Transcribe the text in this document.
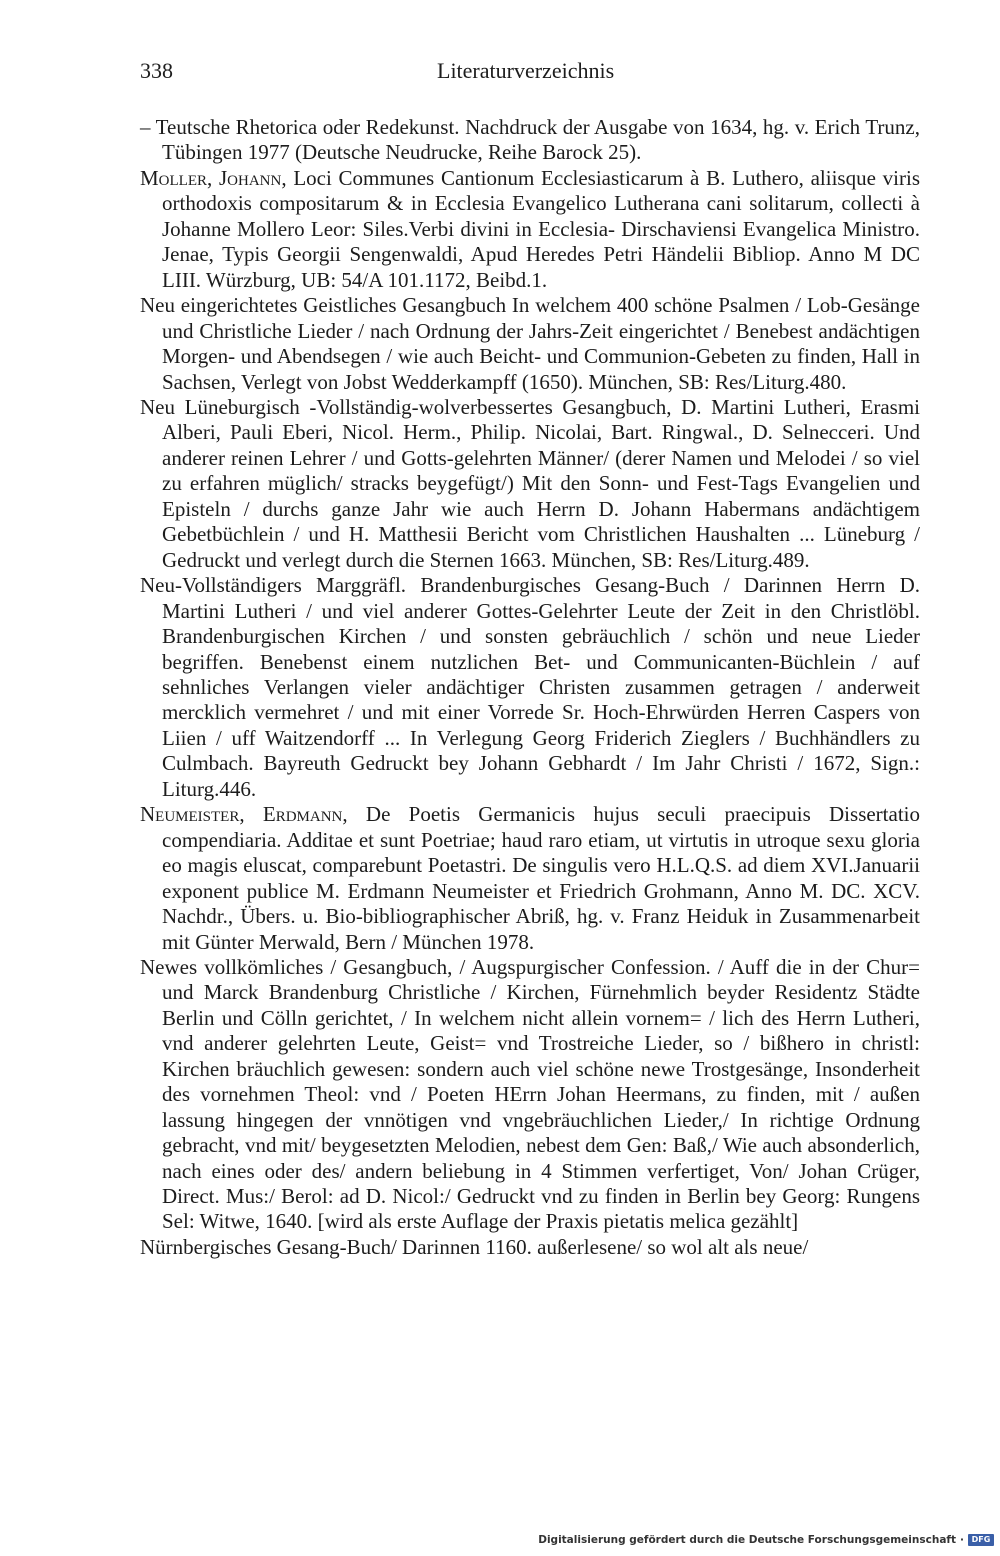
338	Literaturverzeichnis

– Teutsche Rhetorica oder Redekunst. Nachdruck der Ausgabe von 1634, hg. v. Erich Trunz, Tübingen 1977 (Deutsche Neudrucke, Reihe Barock 25).

Moller, Johann, Loci Communes Cantionum Ecclesiasticarum à B. Luthero, aliisque viris orthodoxis compositarum & in Ecclesia Evangelico Lutherana cani solitarum, collecti à Johanne Mollero Leor: Siles.Verbi divini in Ecclesia- Dirschaviensi Evangelica Ministro. Jenae, Typis Georgii Sengenwaldi, Apud Heredes Petri Händelii Bibliop. Anno M DC LIII. Würzburg, UB: 54/A 101.1172, Beibd.1.

Neu eingerichtetes Geistliches Gesangbuch In welchem 400 schöne Psalmen / Lob-Gesänge und Christliche Lieder / nach Ordnung der Jahrs-Zeit eingerichtet / Benebest andächtigen Morgen- und Abendsegen / wie auch Beicht- und Communion-Gebeten zu finden, Hall in Sachsen, Verlegt von Jobst Wedderkampff (1650). München, SB: Res/Liturg.480.

Neu Lüneburgisch -Vollständig-wolverbessertes Gesangbuch, D. Martini Lutheri, Erasmi Alberi, Pauli Eberi, Nicol. Herm., Philip. Nicolai, Bart. Ringwal., D. Selnecceri. Und anderer reinen Lehrer / und Gotts-gelehrten Männer/ (derer Namen und Melodei / so viel zu erfahren müglich/ stracks beygefügt/) Mit den Sonn- und Fest-Tags Evangelien und Episteln / durchs ganze Jahr wie auch Herrn D. Johann Habermans andächtigem Gebetbüchlein / und H. Matthesii Bericht vom Christlichen Haushalten ... Lüneburg / Gedruckt und verlegt durch die Sternen 1663. München, SB: Res/Liturg.489.

Neu-Vollständigers Marggräfl. Brandenburgisches Gesang-Buch / Darinnen Herrn D. Martini Lutheri / und viel anderer Gottes-Gelehrter Leute der Zeit in den Christlöbl. Brandenburgischen Kirchen / und sonsten gebräuchlich / schön und neue Lieder begriffen. Benebenst einem nutzlichen Bet- und Communicanten-Büchlein / auf sehnliches Verlangen vieler andächtiger Christen zusammen getragen / anderweit mercklich vermehret / und mit einer Vorrede Sr. Hoch-Ehrwürden Herren Caspers von Liien / uff Waitzendorff ... In Verlegung Georg Friderich Zieglers / Buchhändlers zu Culmbach. Bayreuth Gedruckt bey Johann Gebhardt / Im Jahr Christi / 1672, Sign.: Liturg.446.

Neumeister, Erdmann, De Poetis Germanicis hujus seculi praecipuis Dissertatio compendiaria. Additae et sunt Poetriae; haud raro etiam, ut virtutis in utroque sexu gloria eo magis eluscat, comparebunt Poetastri. De singulis vero H.L.Q.S. ad diem XVI.Januarii exponent publice M. Erdmann Neumeister et Friedrich Grohmann, Anno M. DC. XCV. Nachdr., Übers. u. Bio-bibliographischer Abriß, hg. v. Franz Heiduk in Zusammenarbeit mit Günter Merwald, Bern / München 1978.

Newes vollkömliches / Gesangbuch, / Augspurgischer Confession. / Auff die in der Chur= und Marck Brandenburg Christliche / Kirchen, Fürnehmlich beyder Residentz Städte Berlin und Cölln gerichtet, / In welchem nicht allein vornem= / lich des Herrn Lutheri, vnd anderer gelehrten Leute, Geist= vnd Trostreiche Lieder, so / bißhero in christl: Kirchen bräuchlich gewesen: sondern auch viel schöne newe Trostgesänge, Insonderheit des vornehmen Theol: vnd / Poeten HErrn Johan Heermans, zu finden, mit / außen lassung hingegen der vnnötigen vnd vngebräuchlichen Lieder,/ In richtige Ordnung gebracht, vnd mit/ beygesetzten Melodien, nebest dem Gen: Baß,/ Wie auch absonderlich, nach eines oder des/ andern beliebung in 4 Stimmen verfertiget, Von/ Johan Crüger, Direct. Mus:/ Berol: ad D. Nicol:/ Gedruckt vnd zu finden in Berlin bey Georg: Rungens Sel: Witwe, 1640. [wird als erste Auflage der Praxis pietatis melica gezählt]

Nürnbergisches Gesang-Buch/ Darinnen 1160. außerlesene/ so wol alt als neue/

Digitalisierung gefördert durch die Deutsche Forschungsgemeinschaft · DFG
